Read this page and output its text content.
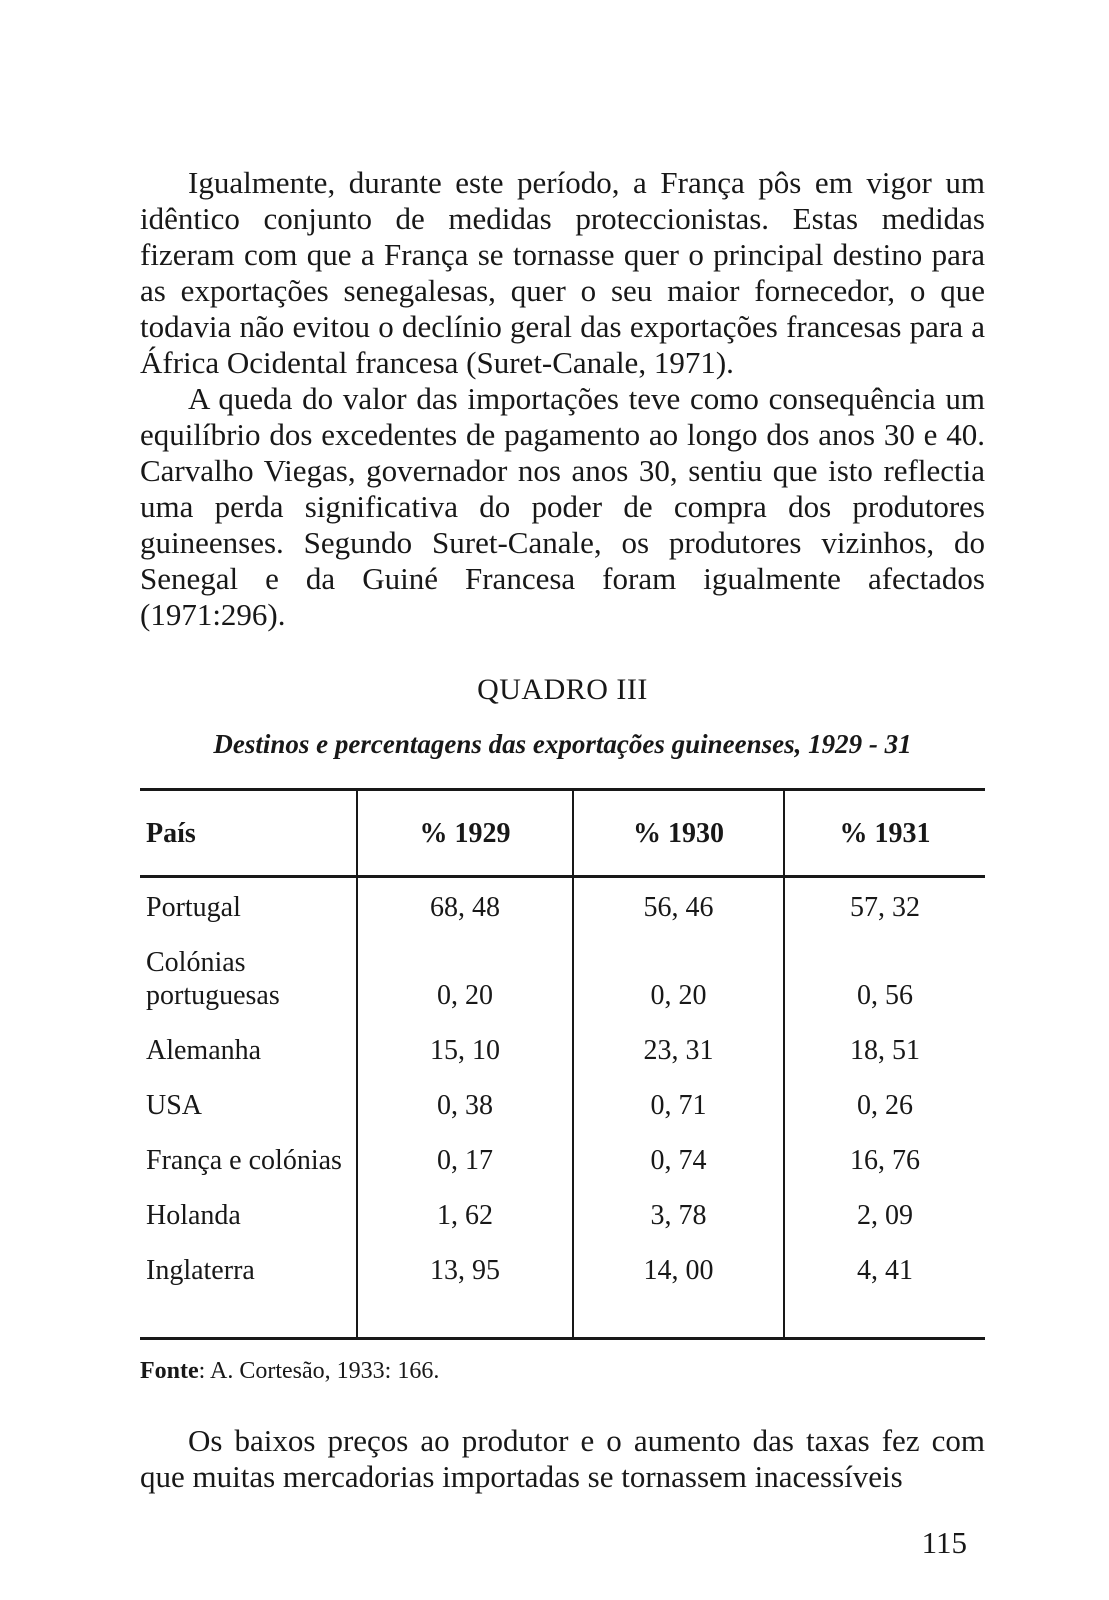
Igualmente, durante este período, a França pôs em vigor um idêntico conjunto de medidas proteccionistas. Estas medidas fizeram com que a França se tornasse quer o principal destino para as exportações senegalesas, quer o seu maior fornecedor, o que todavia não evitou o declínio geral das exportações francesas para a África Ocidental francesa (Suret-Canale, 1971).

A queda do valor das importações teve como consequência um equilíbrio dos excedentes de pagamento ao longo dos anos 30 e 40. Carvalho Viegas, governador nos anos 30, sentiu que isto reflectia uma perda significativa do poder de compra dos produtores guineenses. Segundo Suret-Canale, os produtores vizinhos, do Senegal e da Guiné Francesa foram igualmente afectados (1971:296).

QUADRO III
Destinos e percentagens das exportações guineenses, 1929 - 31
País	% 1929	% 1930	% 1931
Portugal	68, 48	56, 46	57, 32
Colónias portuguesas	0, 20	0, 20	0, 56
Alemanha	15, 10	23, 31	18, 51
USA	0, 38	0, 71	0, 26
França e colónias	0, 17	0, 74	16, 76
Holanda	1, 62	3, 78	2, 09
Inglaterra	13, 95	14, 00	4, 41
Fonte: A. Cortesão, 1933: 166.

Os baixos preços ao produtor e o aumento das taxas fez com que muitas mercadorias importadas se tornassem inacessíveis

115
